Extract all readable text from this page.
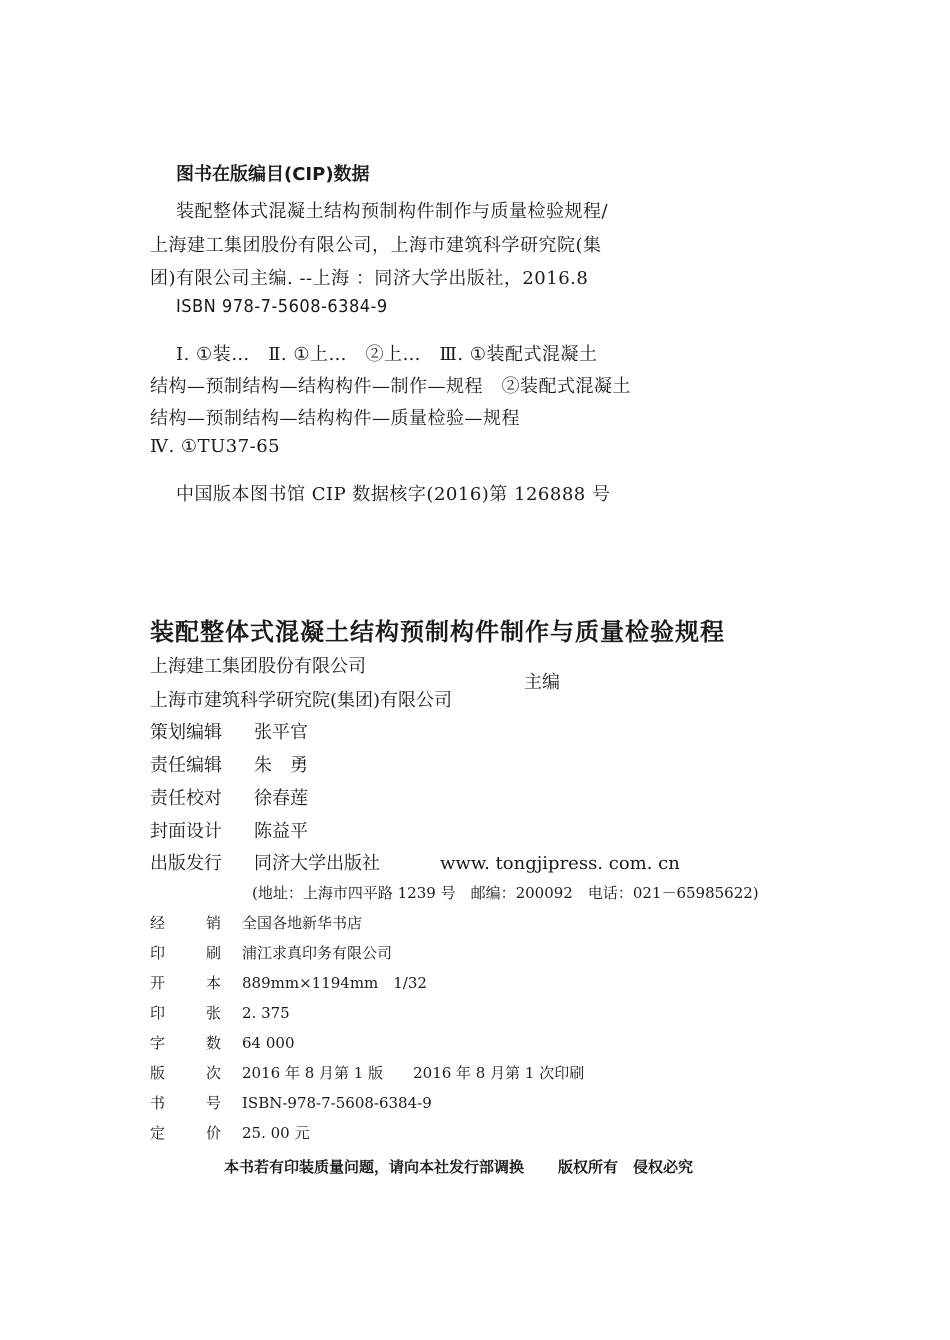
图书在版编目(CIP)数据
装配整体式混凝土结构预制构件制作与质量检验规程/
上海建工集团股份有限公司，上海市建筑科学研究院(集
团)有限公司主编. --上海 ：同济大学出版社，2016.8
ISBN 978-7-5608-6384-9
Ⅰ. ①装…　Ⅱ. ①上…　②上…　Ⅲ. ①装配式混凝土
结构—预制结构—结构构件—制作—规程　②装配式混凝土
结构—预制结构—结构构件—质量检验—规程
Ⅳ. ①TU37-65
中国版本图书馆 CIP 数据核字(2016)第 126888 号
装配整体式混凝土结构预制构件制作与质量检验规程
上海建工集团股份有限公司
上海市建筑科学研究院(集团)有限公司
主编
策划编辑 张平官
责任编辑 朱　勇
责任校对 徐春莲
封面设计 陈益平
出版发行 同济大学出版社	www. tongjipress. com. cn
(地址：上海市四平路 1239 号　邮编：200092　电话：021－65985622)
经	销 全国各地新华书店
印	刷 浦江求真印务有限公司
开	本 889mm×1194mm　1/32
印	张 2. 375
字	数 64 000
版	次 2016 年 8 月第 1 版　　2016 年 8 月第 1 次印刷
书	号 ISBN-978-7-5608-6384-9
定	价 25. 00 元
本书若有印装质量问题，请向本社发行部调换 版权所有　侵权必究
